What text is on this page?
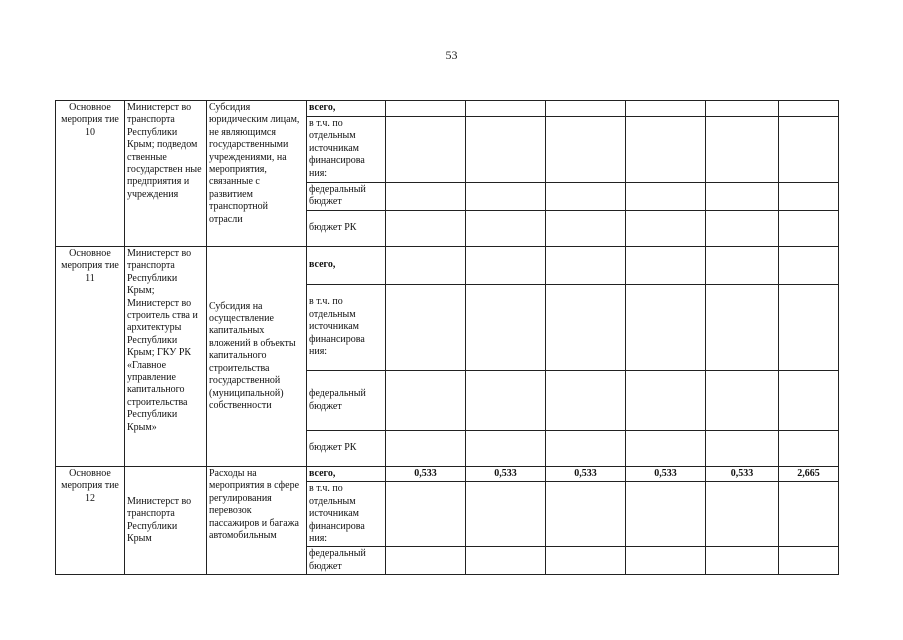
53
Основное мероприя тие 10	Министерст во транспорта Республики Крым; подведом ственные государствен ные предприятия и учреждения	Субсидия юридическим лицам, не являющимся государственными учреждениями, на мероприятия, связанные с развитием транспортной отрасли	всего,						
			в т.ч. по отдельным источникам финансирова ния:						
			федеральный бюджет						
			бюджет РК						
Основное мероприя тие 11	Министерст во транспорта Республики Крым; Министерст во строитель ства и архитектуры Республики Крым; ГКУ РК «Главное управление капитального строительства Республики Крым»	Субсидия на осуществление капитальных вложений в объекты капитального строительства государственной (муниципальной) собственности	всего,						
			в т.ч. по отдельным источникам финансирова ния:						
			федеральный бюджет						
			бюджет РК						
Основное мероприя тие 12	Министерст во транспорта Республики Крым	Расходы на мероприятия в сфере регулирования перевозок пассажиров и багажа автомобильным	всего,	0,533	0,533	0,533	0,533	0,533	2,665
			в т.ч. по отдельным источникам финансирова ния:						
			федеральный бюджет						
